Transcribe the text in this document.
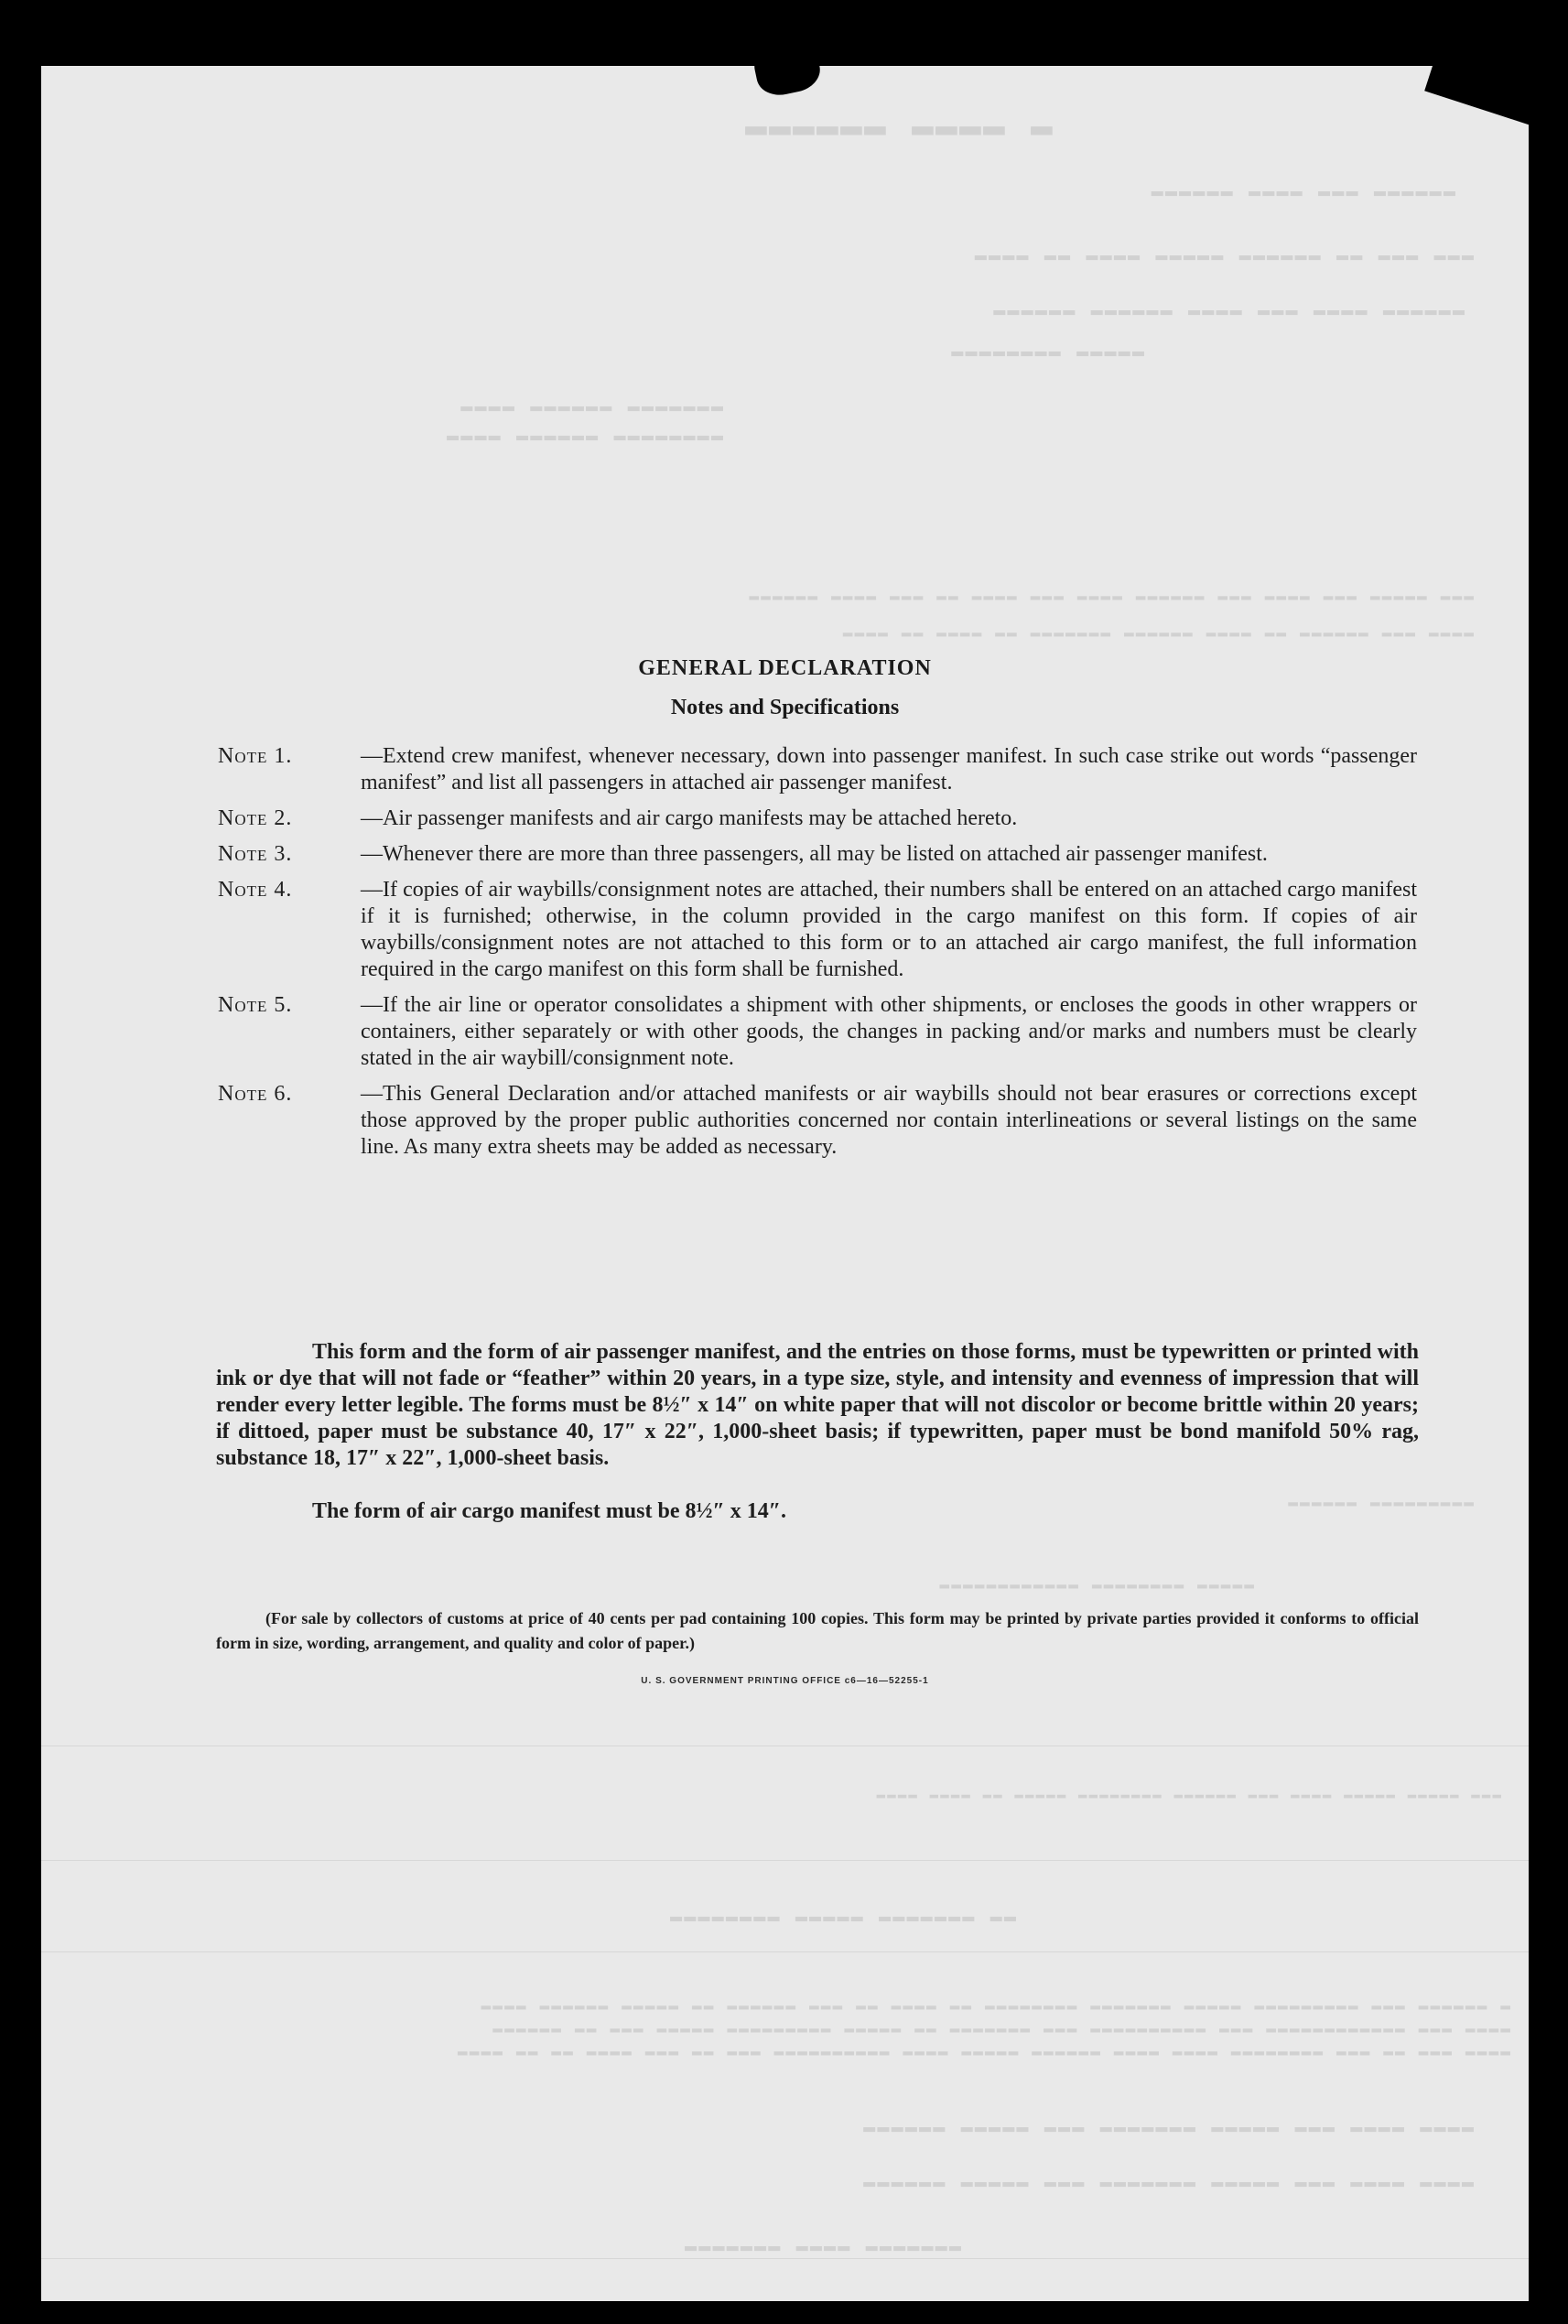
▬ ▬▬▬▬ ▬▬▬▬▬▬
▬▬▬▬▬▬ ▬▬▬ ▬▬▬▬ ▬▬▬▬▬▬
▬▬▬ ▬▬▬ ▬▬ ▬▬▬▬▬▬ ▬▬▬▬▬ ▬▬▬▬ ▬▬ ▬▬▬▬
▬▬▬▬▬▬ ▬▬▬▬ ▬▬▬ ▬▬▬▬ ▬▬▬▬▬▬ ▬▬▬▬▬▬
▬▬▬▬▬ ▬▬▬▬▬▬▬▬
▬▬▬▬▬▬▬ ▬▬▬▬▬▬ ▬▬▬▬
▬▬▬▬▬▬▬▬ ▬▬▬▬▬▬ ▬▬▬▬
▬▬▬ ▬▬▬▬▬ ▬▬▬ ▬▬▬▬ ▬▬▬ ▬▬▬▬▬▬ ▬▬▬▬ ▬▬▬ ▬▬▬▬ ▬▬ ▬▬▬ ▬▬▬▬ ▬▬▬▬▬▬
▬▬▬▬ ▬▬▬ ▬▬▬▬▬▬ ▬▬ ▬▬▬▬ ▬▬▬▬▬▬ ▬▬▬▬▬▬▬ ▬▬ ▬▬▬▬ ▬▬ ▬▬▬▬
▬▬▬▬▬▬▬▬▬ ▬▬▬▬▬▬
▬▬▬▬▬ ▬▬▬▬▬▬▬▬ ▬▬▬▬▬▬▬▬▬▬▬▬
▬▬▬ ▬▬▬▬▬ ▬▬▬▬▬ ▬▬▬▬ ▬▬▬ ▬▬▬▬▬▬ ▬▬▬▬▬▬▬▬ ▬▬▬▬▬ ▬▬ ▬▬▬▬ ▬▬▬▬
▬▬ ▬▬▬▬▬▬▬ ▬▬▬▬▬ ▬▬▬▬▬▬▬▬
▬ ▬▬▬▬▬▬ ▬▬▬ ▬▬▬▬▬▬▬▬▬ ▬▬▬▬▬ ▬▬▬▬▬▬▬ ▬▬▬▬▬▬▬▬ ▬▬ ▬▬▬▬ ▬▬ ▬▬▬ ▬▬▬▬▬▬ ▬▬ ▬▬▬▬▬ ▬▬▬▬▬▬ ▬▬▬▬
▬▬▬▬ ▬▬▬ ▬▬▬▬▬▬▬▬▬▬▬▬ ▬▬▬ ▬▬▬▬▬▬▬▬▬▬ ▬▬▬ ▬▬▬▬▬▬▬ ▬▬ ▬▬▬▬▬ ▬▬▬▬▬▬▬▬▬ ▬▬▬▬▬ ▬▬▬ ▬▬ ▬▬▬▬▬▬
▬▬▬▬ ▬▬▬ ▬▬ ▬▬▬ ▬▬▬▬▬▬▬▬ ▬▬▬▬ ▬▬▬▬ ▬▬▬▬▬▬ ▬▬▬▬▬ ▬▬▬▬ ▬▬▬▬▬▬▬▬▬▬ ▬▬▬ ▬▬ ▬▬▬ ▬▬▬▬ ▬▬ ▬▬ ▬▬▬▬
▬▬▬▬ ▬▬▬▬ ▬▬▬ ▬▬▬▬▬ ▬▬▬▬▬▬▬ ▬▬▬ ▬▬▬▬▬ ▬▬▬▬▬▬
▬▬▬▬ ▬▬▬▬ ▬▬▬ ▬▬▬▬▬ ▬▬▬▬▬▬▬ ▬▬▬ ▬▬▬▬▬ ▬▬▬▬▬▬
▬▬▬▬▬▬▬ ▬▬▬▬ ▬▬▬▬▬▬▬
GENERAL DECLARATION
Notes and Specifications
Note 1.	—Extend crew manifest, whenever necessary, down into passenger manifest. In such case strike out words “passenger manifest” and list all passengers in attached air passenger manifest.
Note 2.	—Air passenger manifests and air cargo manifests may be attached hereto.
Note 3.	—Whenever there are more than three passengers, all may be listed on attached air passenger manifest.
Note 4.	—If copies of air waybills/consignment notes are attached, their numbers shall be entered on an attached cargo manifest if it is furnished; otherwise, in the column provided in the cargo manifest on this form. If copies of air waybills/consignment notes are not attached to this form or to an attached air cargo manifest, the full information required in the cargo manifest on this form shall be furnished.
Note 5.	—If the air line or operator consolidates a shipment with other shipments, or encloses the goods in other wrappers or containers, either separately or with other goods, the changes in packing and/or marks and numbers must be clearly stated in the air waybill/consignment note.
Note 6.	—This General Declaration and/or attached manifests or air waybills should not bear erasures or corrections except those approved by the proper public authorities concerned nor contain interlineations or several listings on the same line. As many extra sheets may be added as necessary.
This form and the form of air passenger manifest, and the entries on those forms, must be typewritten or printed with ink or dye that will not fade or “feather” within 20 years, in a type size, style, and intensity and evenness of impression that will render every letter legible. The forms must be 8½″ x 14″ on white paper that will not discolor or become brittle within 20 years; if dittoed, paper must be substance 40, 17″ x 22″, 1,000-sheet basis; if typewritten, paper must be bond manifold 50% rag, substance 18, 17″ x 22″, 1,000-sheet basis.
The form of air cargo manifest must be 8½″ x 14″.
(For sale by collectors of customs at price of 40 cents per pad containing 100 copies. This form may be printed by private parties provided it conforms to official form in size, wording, arrangement, and quality and color of paper.)
U. S. GOVERNMENT PRINTING OFFICE c6—16—52255-1
